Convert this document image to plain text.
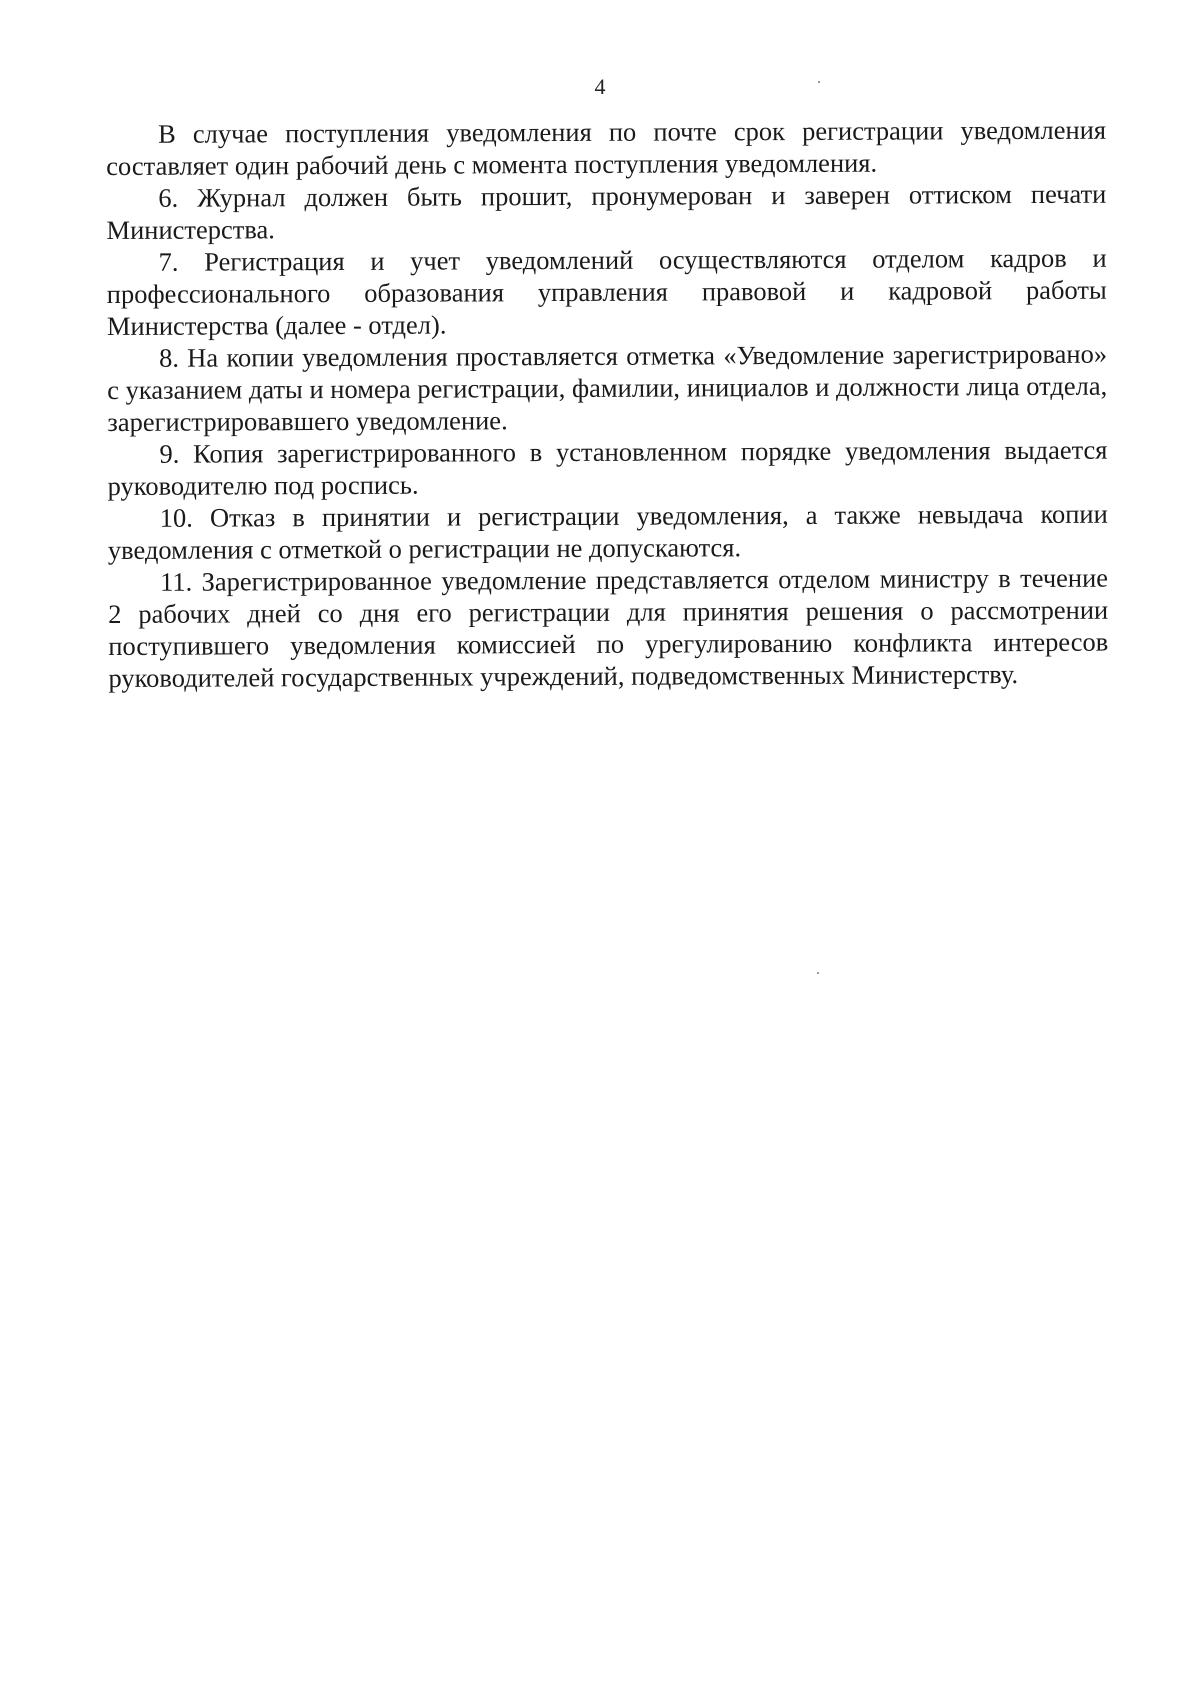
4

В случае поступления уведомления по почте срок регистрации уведомления составляет один рабочий день с момента поступления уведомления.

6. Журнал должен быть прошит, пронумерован и заверен оттиском печати Министерства.

7. Регистрация и учет уведомлений осуществляются отделом кадров и профессионального образования управления правовой и кадровой работы Министерства (далее - отдел).

8. На копии уведомления проставляется отметка «Уведомление зарегистрировано» с указанием даты и номера регистрации, фамилии, инициалов и должности лица отдела, зарегистрировавшего уведомление.

9. Копия зарегистрированного в установленном порядке уведомления выдается руководителю под роспись.

10. Отказ в принятии и регистрации уведомления, а также невыдача копии уведомления с отметкой о регистрации не допускаются.

11. Зарегистрированное уведомление представляется отделом министру в течение 2 рабочих дней со дня его регистрации для принятия решения о рассмотрении поступившего уведомления комиссией по урегулированию конфликта интересов руководителей государственных учреждений, подведомственных Министерству.
